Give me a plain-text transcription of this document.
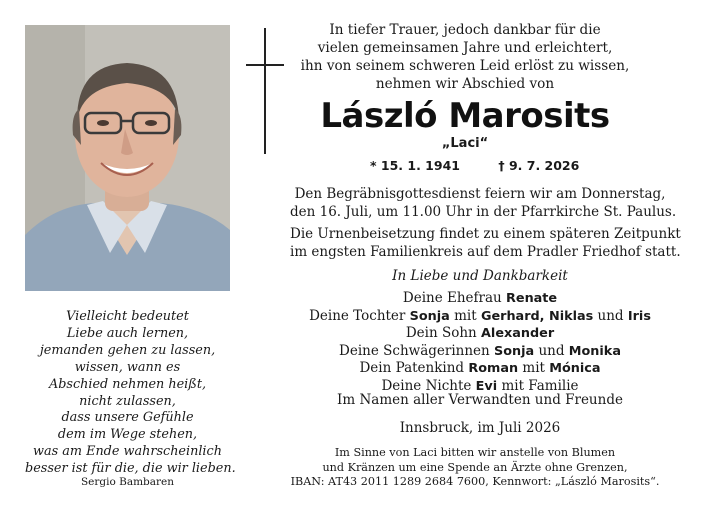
In tiefer Trauer, jedoch dankbar für die
vielen gemeinsamen Jahre und erleichtert,
ihn von seinem schweren Leid erlöst zu wissen,
nehmen wir Abschied von
László Marosits
„Laci“
* 15. 1. 1941	† 9. 7. 2026
Den Begräbnisgottesdienst feiern wir am Donnerstag,
den 16. Juli, um 11.00 Uhr in der Pfarrkirche St. Paulus.
Die Urnenbeisetzung findet zu einem späteren Zeitpunkt
im engsten Familienkreis auf dem Pradler Friedhof statt.
In Liebe und Dankbarkeit
Deine Ehefrau Renate
Deine Tochter Sonja mit Gerhard, Niklas und Iris
Dein Sohn Alexander
Deine Schwägerinnen Sonja und Monika
Dein Patenkind Roman mit Mónica
Deine Nichte Evi mit Familie
Im Namen aller Verwandten und Freunde
Innsbruck, im Juli 2026
Im Sinne von Laci bitten wir anstelle von Blumen
und Kränzen um eine Spende an Ärzte ohne Grenzen,
IBAN: AT43 2011 1289 2684 7600, Kennwort: „László Marosits“.
Vielleicht bedeutet
Liebe auch lernen,
jemanden gehen zu lassen,
wissen, wann es
Abschied nehmen heißt,
nicht zulassen,
dass unsere Gefühle
dem im Wege stehen,
was am Ende wahrscheinlich
besser ist für die, die wir lieben.
Sergio Bambaren
